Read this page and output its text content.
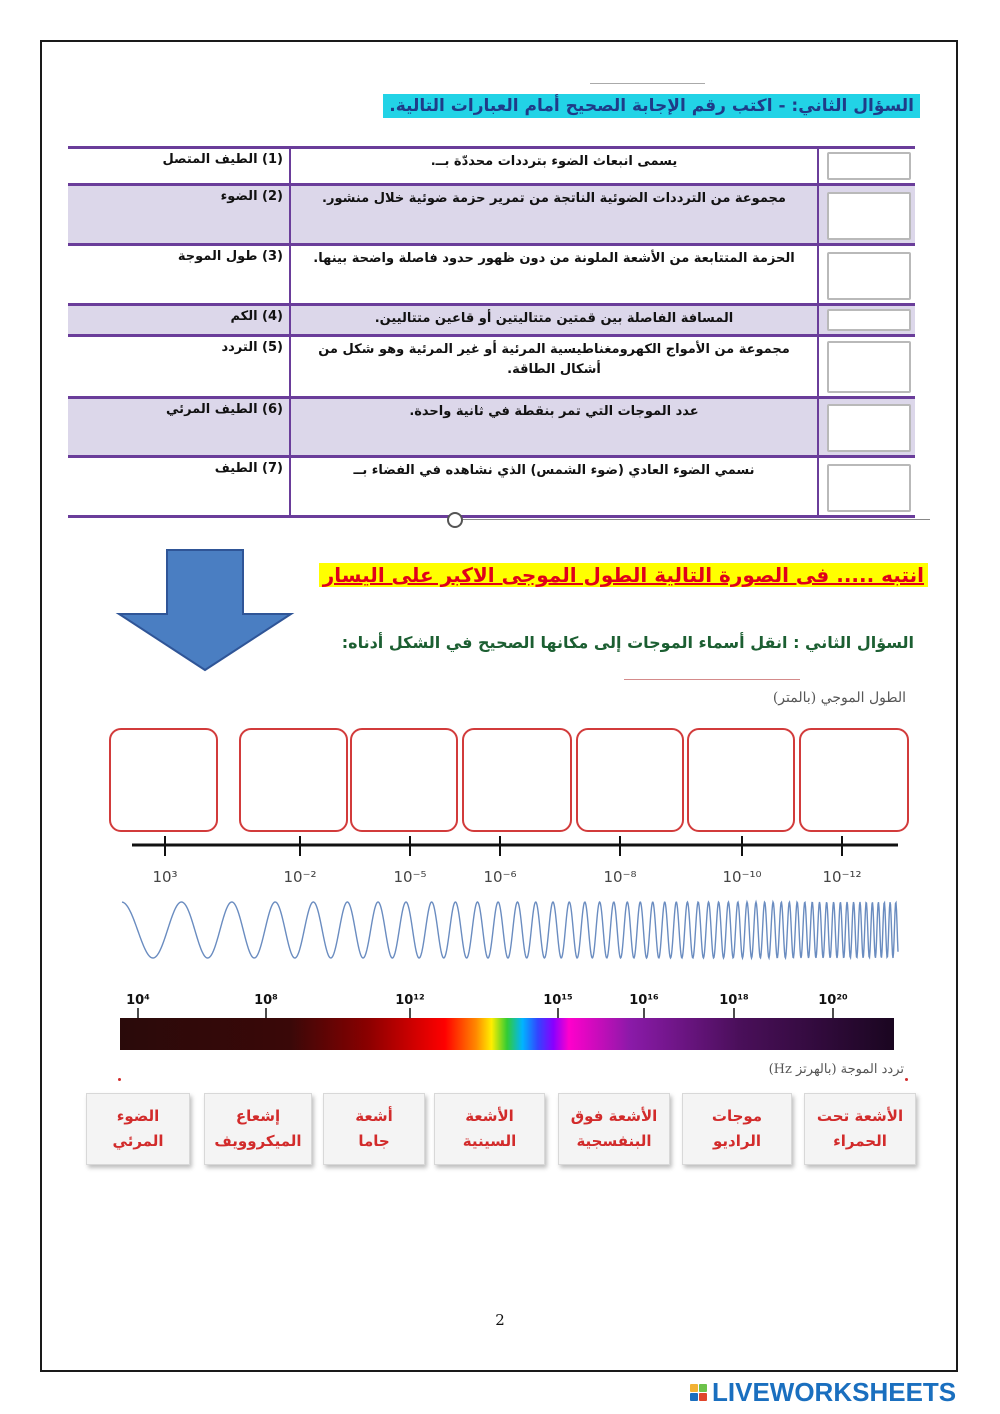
السؤال الثاني: - اكتب رقم الإجابة الصحيح أمام العبارات التالية.
	يسمى انبعاث الضوء بترددات محددّة بــ.	(1) الطيف المتصل

	مجموعة من الترددات الضوئية الناتجة من تمرير حزمة ضوئية خلال منشور.	(2) الضوء

	الحزمة المتتابعة من الأشعة الملونة من دون ظهور حدود فاصلة واضحة بينها.	(3) طول الموجة

	المسافة الفاصلة بين قمتين متتاليتين أو قاعين متتاليين.	(4) الكم

	مجموعة من الأمواج الكهرومغناطيسية المرئية أو غير المرئية وهو شكل من أشكال الطاقة.	(5) التردد

	عدد الموجات التي تمر بنقطة في ثانية واحدة.	(6) الطيف المرئي

	نسمي الضوء العادي (ضوء الشمس) الذي نشاهده في الفضاء بــ	(7) الطيف
انتبه ..... فى الصورة التالية الطول الموجى الاكبر على اليسار
السؤال الثاني : انقل أسماء الموجات إلى مكانها الصحيح في الشكل أدناه:
الطول الموجي (بالمتر)
10³	10⁻²	10⁻⁵	10⁻⁶	10⁻⁸	10⁻¹⁰	10⁻¹²
10⁴	10⁸	10¹²	10¹⁵	10¹⁶	10¹⁸	10²⁰
تردد الموجة (بالهرتز Hz)
الضوء
المرئي
إشعاع
الميكروويف
أشعة
جاما
الأشعة
السينية
الأشعة فوق
البنفسجية
موجات
الراديو
الأشعة تحت
الحمراء
2
LIVEWORKSHEETS
